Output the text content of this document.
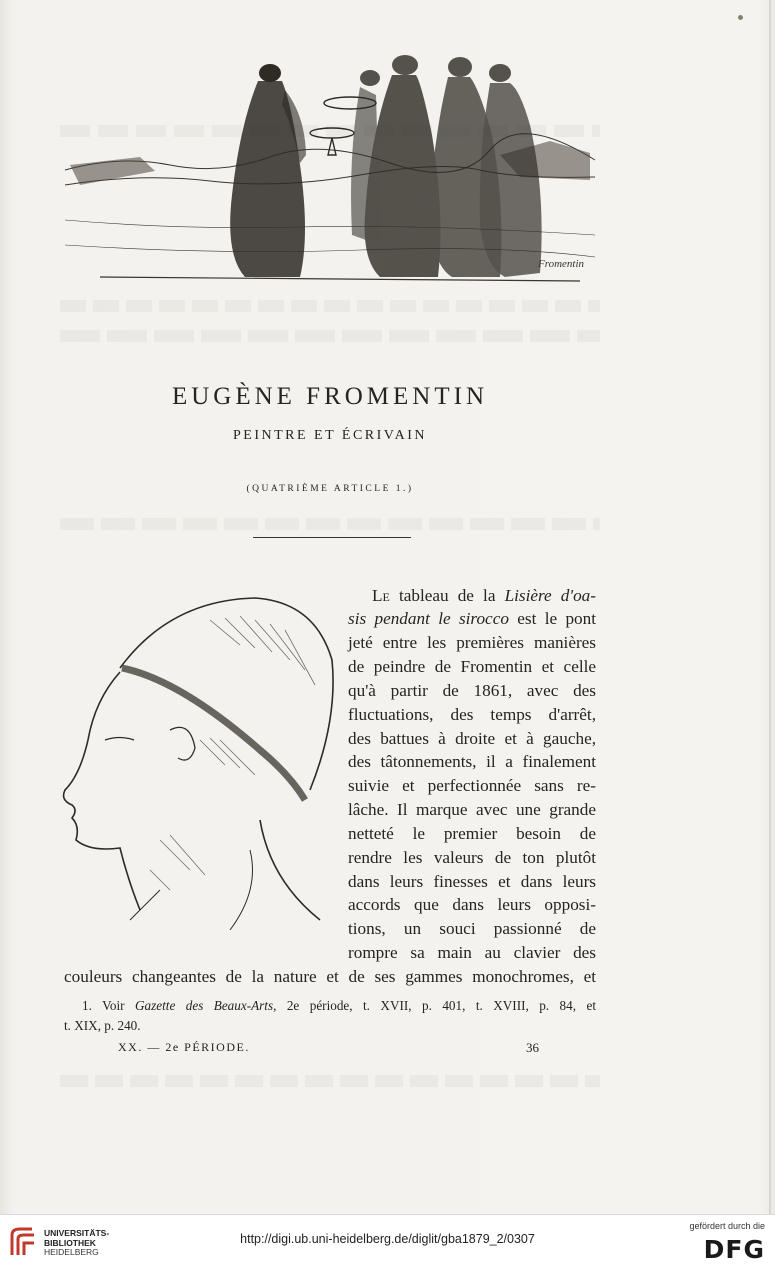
Fromentin
EUGÈNE FROMENTIN
PEINTRE ET ÉCRIVAIN
(QUATRIÈME ARTICLE 1.)
Le tableau de la Lisière d'oa-
sis pendant le sirocco est le pont
jeté entre les premières manières
de peindre de Fromentin et celle
qu'à partir de 1861, avec des
fluctuations, des temps d'arrêt,
des battues à droite et à gauche,
des tâtonnements, il a finalement
suivie et perfectionnée sans re-
lâche. Il marque avec une grande
netteté le premier besoin de
rendre les valeurs de ton plutôt
dans leurs finesses et dans leurs
accords que dans leurs opposi-
tions, un souci passionné de
rompre sa main au clavier des
couleurs changeantes de la nature et de ses gammes monochromes, et
1. Voir Gazette des Beaux-Arts, 2e période, t. XVII, p. 401, t. XVIII, p. 84, et
t. XIX, p. 240.
XX. — 2e PÉRIODE.	36
UNIVERSITÄTS-
BIBLIOTHEK
HEIDELBERG
http://digi.ub.uni-heidelberg.de/diglit/gba1879_2/0307
gefördert durch die
DFG
